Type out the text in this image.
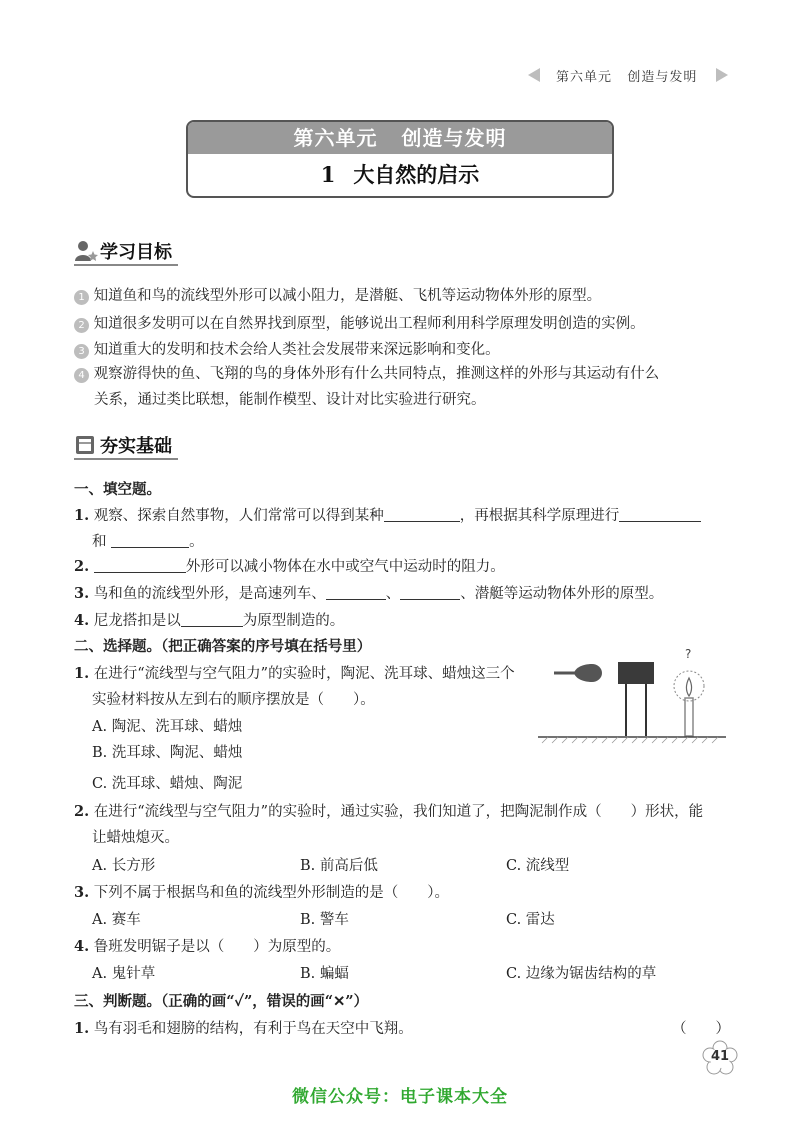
第六单元 创造与发明
第六单元 创造与发明
1 大自然的启示
学习目标
1 知道鱼和鸟的流线型外形可以减小阻力，是潜艇、飞机等运动物体外形的原型。
2 知道很多发明可以在自然界找到原型，能够说出工程师利用科学原理发明创造的实例。
3 知道重大的发明和技术会给人类社会发展带来深远影响和变化。
4 观察游得快的鱼、飞翔的鸟的身体外形有什么共同特点，推测这样的外形与其运动有什么
关系，通过类比联想，能制作模型、设计对比实验进行研究。
夯实基础
一、填空题。
1. 观察、探索自然事物，人们常常可以得到某种	，再根据其科学原理进行
和	。
2.	外形可以减小物体在水中或空气中运动时的阻力。
3. 鸟和鱼的流线型外形，是高速列车、	、	、潜艇等运动物体外形的原型。
4. 尼龙搭扣是以	为原型制造的。
二、选择题。（把正确答案的序号填在括号里）
1. 在进行“流线型与空气阻力”的实验时，陶泥、洗耳球、蜡烛这三个
实验材料按从左到右的顺序摆放是（　　）。
A. 陶泥、洗耳球、蜡烛
B. 洗耳球、陶泥、蜡烛
C. 洗耳球、蜡烛、陶泥
?
2. 在进行“流线型与空气阻力”的实验时，通过实验，我们知道了，把陶泥制作成（　　）形状，能
让蜡烛熄灭。
A. 长方形	B. 前高后低	C. 流线型
3. 下列不属于根据鸟和鱼的流线型外形制造的是（　　）。
A. 赛车	B. 警车	C. 雷达
4. 鲁班发明锯子是以（　　）为原型的。
A. 鬼针草	B. 蝙蝠	C. 边缘为锯齿结构的草
三、判断题。（正确的画“✓”，错误的画“✕”）
1. 鸟有羽毛和翅膀的结构，有利于鸟在天空中飞翔。	（　　）
41
微信公众号：电子课本大全
